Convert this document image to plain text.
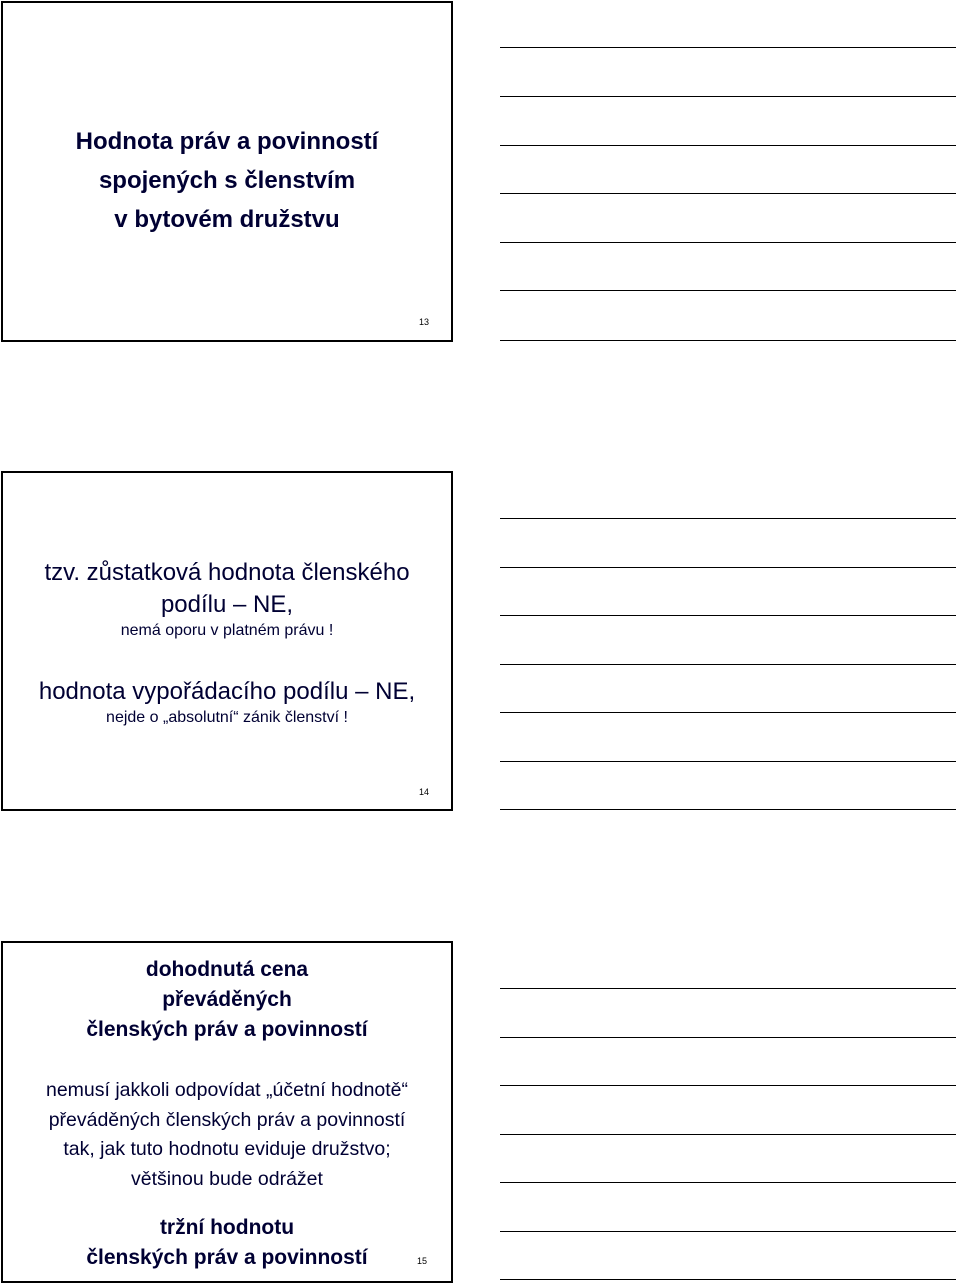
Hodnota práv a povinností
spojených s členstvím
v bytovém družstvu
13
tzv. zůstatková hodnota členského
podílu – NE,
nemá oporu v platném právu !
hodnota vypořádacího podílu – NE,
nejde o „absolutní“ zánik členství !
14
dohodnutá cena
převáděných
členských práv a povinností
nemusí jakkoli odpovídat „účetní hodnotě“
převáděných členských práv a povinností
tak, jak tuto hodnotu eviduje družstvo;
většinou bude odrážet
tržní hodnotu
členských práv a povinností	15
